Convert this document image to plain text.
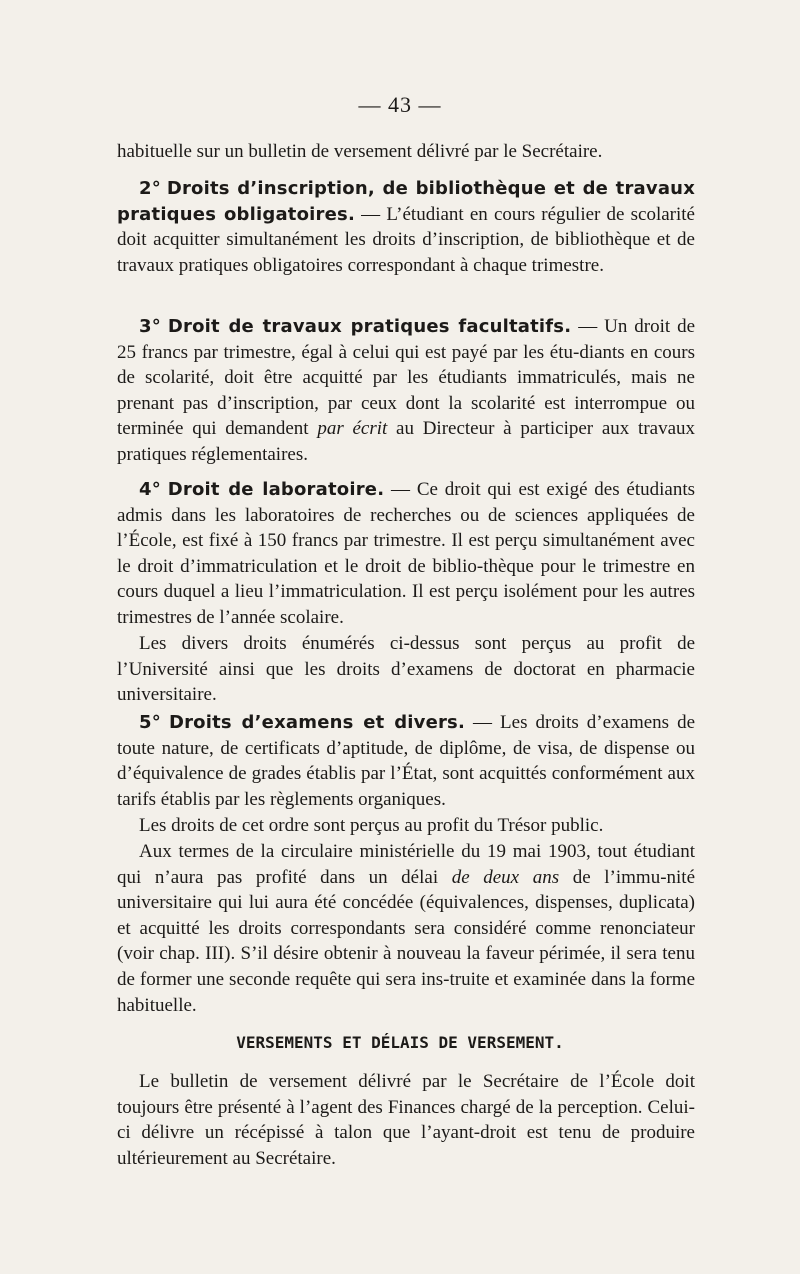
— 43 —
habituelle sur un bulletin de versement délivré par le Secrétaire.
2° Droits d’inscription, de bibliothèque et de travaux pratiques obligatoires. — L’étudiant en cours régulier de scolarité doit acquitter simultanément les droits d’inscription, de bibliothèque et de travaux pratiques obligatoires correspondant à chaque trimestre.
3° Droit de travaux pratiques facultatifs. — Un droit de 25 francs par trimestre, égal à celui qui est payé par les étu-diants en cours de scolarité, doit être acquitté par les étudiants immatriculés, mais ne prenant pas d’inscription, par ceux dont la scolarité est interrompue ou terminée qui demandent par écrit au Directeur à participer aux travaux pratiques réglementaires.
4° Droit de laboratoire. — Ce droit qui est exigé des étudiants admis dans les laboratoires de recherches ou de sciences appliquées de l’École, est fixé à 150 francs par trimestre. Il est perçu simultanément avec le droit d’immatriculation et le droit de biblio-thèque pour le trimestre en cours duquel a lieu l’immatriculation. Il est perçu isolément pour les autres trimestres de l’année scolaire.
Les divers droits énumérés ci-dessus sont perçus au profit de l’Université ainsi que les droits d’examens de doctorat en pharmacie universitaire.
5° Droits d’examens et divers. — Les droits d’examens de toute nature, de certificats d’aptitude, de diplôme, de visa, de dispense ou d’équivalence de grades établis par l’État, sont acquittés conformément aux tarifs établis par les règlements organiques.
Les droits de cet ordre sont perçus au profit du Trésor public.
Aux termes de la circulaire ministérielle du 19 mai 1903, tout étudiant qui n’aura pas profité dans un délai de deux ans de l’immu-nité universitaire qui lui aura été concédée (équivalences, dispenses, duplicata) et acquitté les droits correspondants sera considéré comme renonciateur (voir chap. III). S’il désire obtenir à nouveau la faveur périmée, il sera tenu de former une seconde requête qui sera ins-truite et examinée dans la forme habituelle.
VERSEMENTS ET DÉLAIS DE VERSEMENT.
Le bulletin de versement délivré par le Secrétaire de l’École doit toujours être présenté à l’agent des Finances chargé de la perception. Celui-ci délivre un récépissé à talon que l’ayant-droit est tenu de produire ultérieurement au Secrétaire.
